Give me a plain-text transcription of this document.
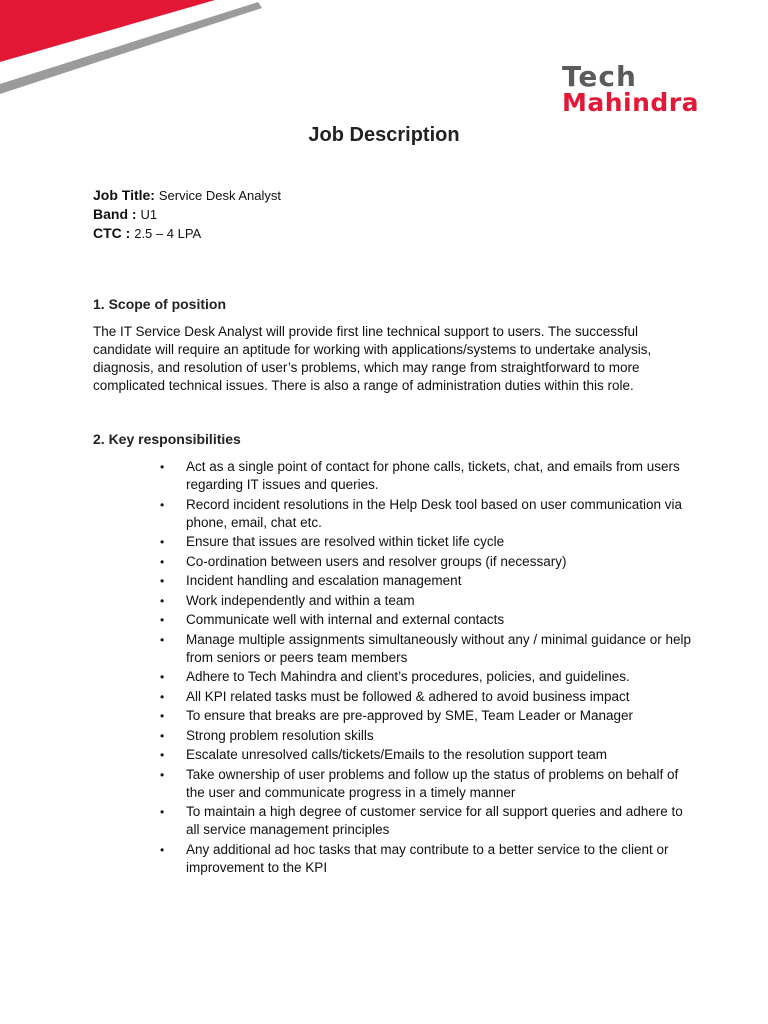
Tech
Mahindra
Job Description
Job Title: Service Desk Analyst
Band : U1
CTC : 2.5 – 4 LPA
1. Scope of position

The IT Service Desk Analyst will provide first line technical support to users. The successful candidate will require an aptitude for working with applications/systems to undertake analysis, diagnosis, and resolution of user’s problems, which may range from straightforward to more complicated technical issues. There is also a range of administration duties within this role.

2. Key responsibilities
•	Act as a single point of contact for phone calls, tickets, chat, and emails from users regarding IT issues and queries.
•	Record incident resolutions in the Help Desk tool based on user communication via phone, email, chat etc.
•	Ensure that issues are resolved within ticket life cycle
•	Co-ordination between users and resolver groups (if necessary)
•	Incident handling and escalation management
•	Work independently and within a team
•	Communicate well with internal and external contacts
•	Manage multiple assignments simultaneously without any / minimal guidance or help from seniors or peers team members
•	Adhere to Tech Mahindra and client’s procedures, policies, and guidelines.
•	All KPI related tasks must be followed & adhered to avoid business impact
•	To ensure that breaks are pre-approved by SME, Team Leader or Manager
•	Strong problem resolution skills
•	Escalate unresolved calls/tickets/Emails to the resolution support team
•	Take ownership of user problems and follow up the status of problems on behalf of the user and communicate progress in a timely manner
•	To maintain a high degree of customer service for all support queries and adhere to all service management principles
•	Any additional ad hoc tasks that may contribute to a better service to the client or improvement to the KPI
